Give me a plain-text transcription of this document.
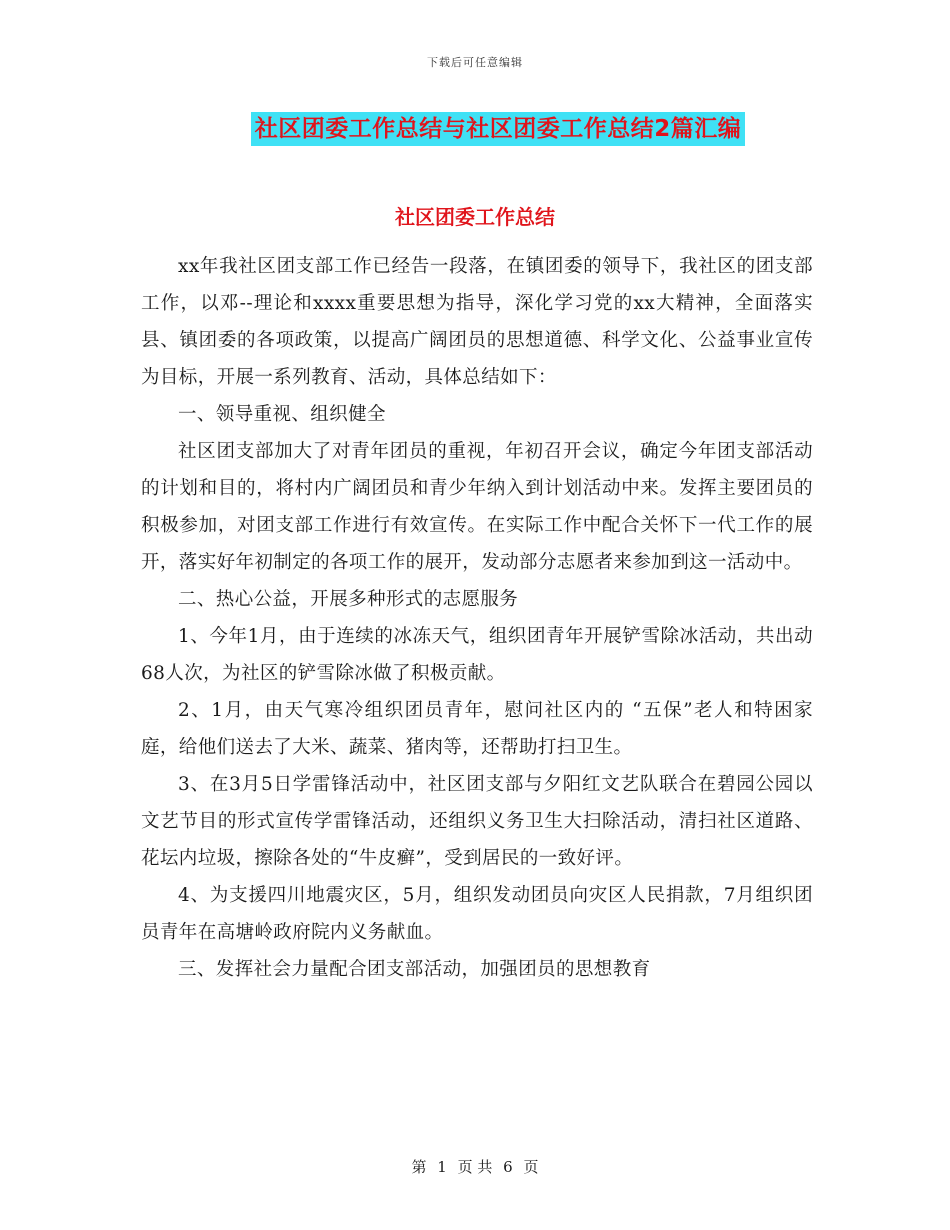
下载后可任意编辑
社区团委工作总结与社区团委工作总结2篇汇编
社区团委工作总结

xx年我社区团支部工作已经告一段落，在镇团委的领导下，我社区的团支部工作，以邓--理论和xxxx重要思想为指导，深化学习党的xx大精神，全面落实县、镇团委的各项政策，以提高广阔团员的思想道德、科学文化、公益事业宣传为目标，开展一系列教育、活动，具体总结如下：

一、领导重视、组织健全

社区团支部加大了对青年团员的重视，年初召开会议，确定今年团支部活动的计划和目的，将村内广阔团员和青少年纳入到计划活动中来。发挥主要团员的积极参加，对团支部工作进行有效宣传。在实际工作中配合关怀下一代工作的展开，落实好年初制定的各项工作的展开，发动部分志愿者来参加到这一活动中。

二、热心公益，开展多种形式的志愿服务

1、今年1月，由于连续的冰冻天气，组织团青年开展铲雪除冰活动，共出动68人次，为社区的铲雪除冰做了积极贡献。

2、1月，由天气寒冷组织团员青年，慰问社区内的 “五保”老人和特困家庭，给他们送去了大米、蔬菜、猪肉等，还帮助打扫卫生。

3、在3月5日学雷锋活动中，社区团支部与夕阳红文艺队联合在碧园公园以文艺节目的形式宣传学雷锋活动，还组织义务卫生大扫除活动，清扫社区道路、花坛内垃圾，擦除各处的“牛皮癣”，受到居民的一致好评。

4、为支援四川地震灾区，5月，组织发动团员向灾区人民捐款，7月组织团员青年在高塘岭政府院内义务献血。

三、发挥社会力量配合团支部活动，加强团员的思想教育

第 1 页 共 6 页
